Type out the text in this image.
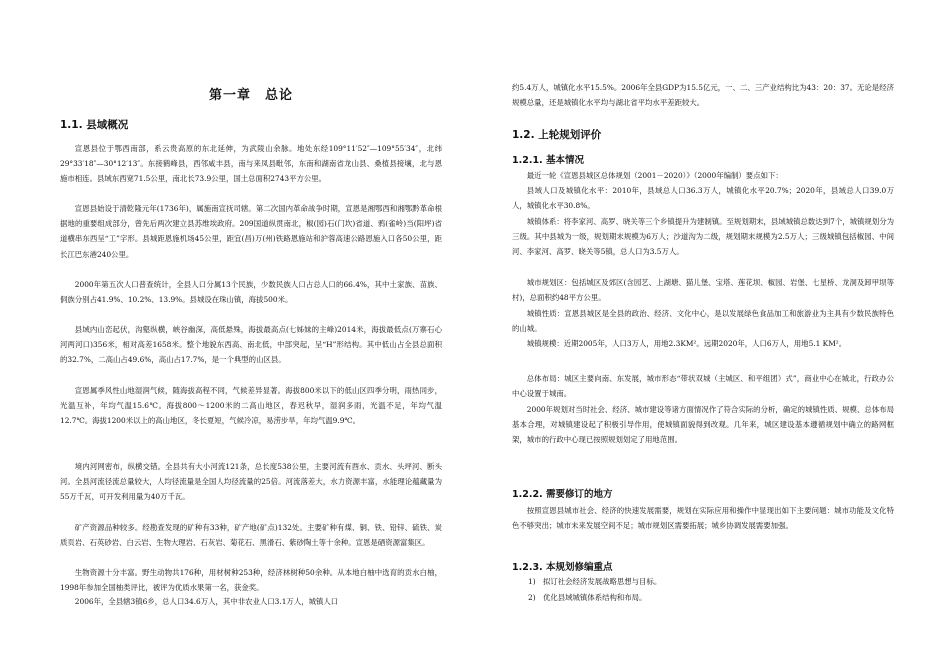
第一章　总论
1.1. 县域概况

宣恩县位于鄂西南部，系云贵高原的东北延伸，为武陵山余脉。地处东经109°11′52″—109°55′34″，北纬29°33′18″—30°12′13″。东接鹤峰县，西邻咸丰县，南与来凤县毗邻，东南和湖南省龙山县、桑植县接壤，北与恩施市相连。县域东西宽71.5公里，南北长73.9公里，国土总面积2743平方公里。

宣恩县始设于清乾隆元年(1736年)，属施南宣抚司辖。第二次国内革命战争时期，宣恩是湘鄂西和湘鄂黔革命根据地的重要组成部分，曾先后两次建立县苏维埃政府。209国道纵贯南北，椒(园)石(门坎)省道、鸦(雀岭)当(阳坪)省道横串东西呈“工”字形。县城距恩施机场45公里，距宜(昌)万(州)铁路恩施站和沪蓉高速公路恩施入口各50公里，距长江巴东港240公里。

2000年第五次人口普查统计，全县人口分属13个民族，少数民族人口占总人口的66.4%，其中土家族、苗族、侗族分别占41.9%、10.2%、13.9%。县城设在珠山镇，海拔500米。

县域内山峦起伏，沟壑纵横，峡谷幽深，高低悬殊，海拔最高点(七姊妹的主峰)2014米，海拔最低点(万寨石心河两河口)356米，相对高差1658米。整个地貌东西高、南北低，中部突起，呈“H”形结构。其中低山占全县总面积的32.7%，二高山占49.6%，高山占17.7%，是一个典型的山区县。

宣恩属季风性山地湿润气候，随海拔高程不同，气候差异显著。海拔800米以下的低山区四季分明，雨热同步，光温互补，年均气温15.6℃。海拔800～1200米的二高山地区，春迟秋早，湿润多雨，光温不足，年均气温12.7℃。海拔1200米以上的高山地区，冬长夏短，气候冷凉，易涝步旱，年均气温9.9℃。

境内河网密布，纵横交错。全县共有大小河流121条，总长度538公里，主要河流有酉水、贡水、头坪河、断头河。全县河流径流总量较大，人均径流量是全国人均径流量的25倍。河流落差大，水力资源丰富，水能理论蕴藏量为55万千瓦，可开发利用量为40万千瓦。

矿产资源品种较多。经勘查发现的矿种有33种，矿产地(矿点)132处。主要矿种有煤、铜、铁、铅锌、硫铁、炭质页岩、石英砂岩、白云岩、生物大理岩、石灰岩、菊花石、黑滑石、紫砂陶土等十余种。宣恩是硒资源富集区。

生物资源十分丰富。野生动物共176种，用材树种253种，经济林树种50余种。从本地白柚中选育的贡水白柚，1998年参加全国柚类评比，被评为优质水果第一名，获金奖。

2006年，全县辖3镇6乡，总人口34.6万人，其中非农业人口3.1万人，城镇人口

约5.4万人，城镇化水平15.5%。2006年全县GDP为15.5亿元，一、二、三产业结构比为43：20：37。无论是经济规模总量，还是城镇化水平均与湖北省平均水平差距较大。

1.2. 上轮规划评价
1.2.1. 基本情况

最近一轮《宣恩县城区总体规划（2001－2020）》（2000年编制）要点如下：

县域人口及城镇化水平：2010年，县域总人口36.3万人，城镇化水平20.7%；2020年，县域总人口39.0万人，城镇化水平30.8%。

城镇体系：将李家河、高罗、晓关等三个乡镇提升为建制镇。至规划期末，县域城镇总数达到7个，城镇规划分为三级。其中县城为一级，规划期末规模为6万人；沙道沟为二级，规划期末规模为2.5万人；三级城镇包括椒园、中间河、李家河、高罗、晓关等5镇，总人口为3.5万人。

城市规划区：包括城区及郊区(含园艺、上湖塘、猫儿堡、宝塔、莲花坝、椒园、岩堡、七星桥、龙洞及卸甲坝等村)，总面积约48平方公里。

城镇性质：宣恩县城区是全县的政治、经济、文化中心，是以发展绿色食品加工和旅游业为主具有少数民族特色的山城。

城镇规模：近期2005年，人口3万人，用地2.3KM²。远期2020年，人口6万人，用地5.1 KM²。

总体布局：城区主要向南、东发展，城市形态“带状双城（主城区、和平组团）式”，商业中心在城北，行政办公中心设置于城南。

2000年规划对当时社会、经济、城市建设等诸方面情况作了符合实际的分析，确定的城镇性质、规模、总体布局基本合理，对城镇建设起了积极引导作用，使城镇面貌得到改观。几年来，城区建设基本遵循规划中确立的路网框架，城市的行政中心现已按照规划划定了用地范围。

1.2.2. 需要修订的地方

按照宣恩县城市社会、经济的快速发展需要，规划在实际应用和操作中显现出如下主要问题：城市功能及文化特色不够突出；城市未来发展空间不足；城市规划区需要拓展；城乡协调发展需要加强。

1.2.3. 本规划修编重点
1)　拟订社会经济发展战略思想与目标。
2)　优化县域城镇体系结构和布局。
